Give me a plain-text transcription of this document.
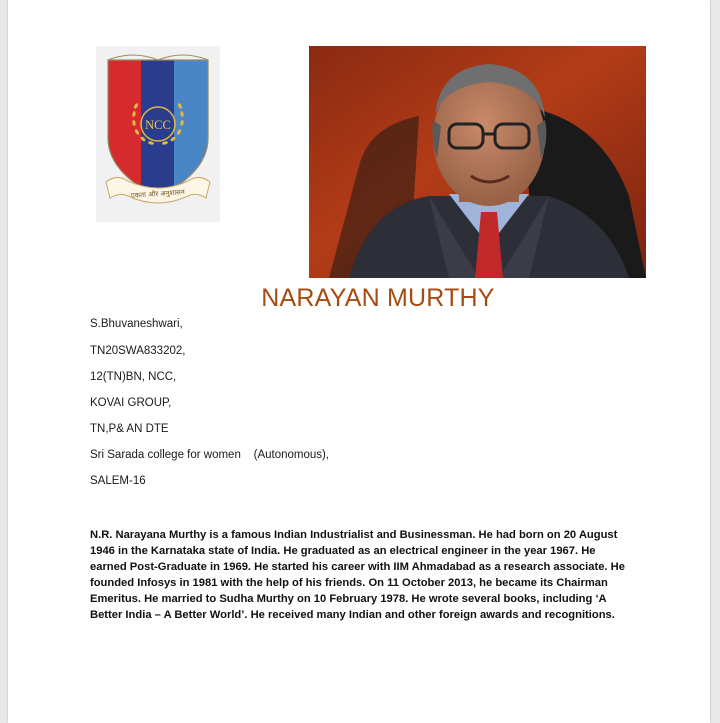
NCC
एकता और अनुशासन
NARAYAN MURTHY
S.Bhuvaneshwari,
TN20SWA833202,
12(TN)BN, NCC,
KOVAI GROUP,
TN,P& AN DTE
Sri Sarada college for women    (Autonomous),
SALEM-16
N.R. Narayana Murthy is a famous Indian Industrialist and Businessman. He had born on 20 August 1946 in the Karnataka state of India. He graduated as an electrical engineer in the year 1967. He earned Post-Graduate in 1969. He started his career with IIM Ahmadabad as a research associate. He founded Infosys in 1981 with the help of his friends. On 11 October 2013, he became its Chairman Emeritus. He married to Sudha Murthy on 10 February 1978. He wrote several books, including ‘A Better India – A Better World’. He received many Indian and other foreign awards and recognitions.
